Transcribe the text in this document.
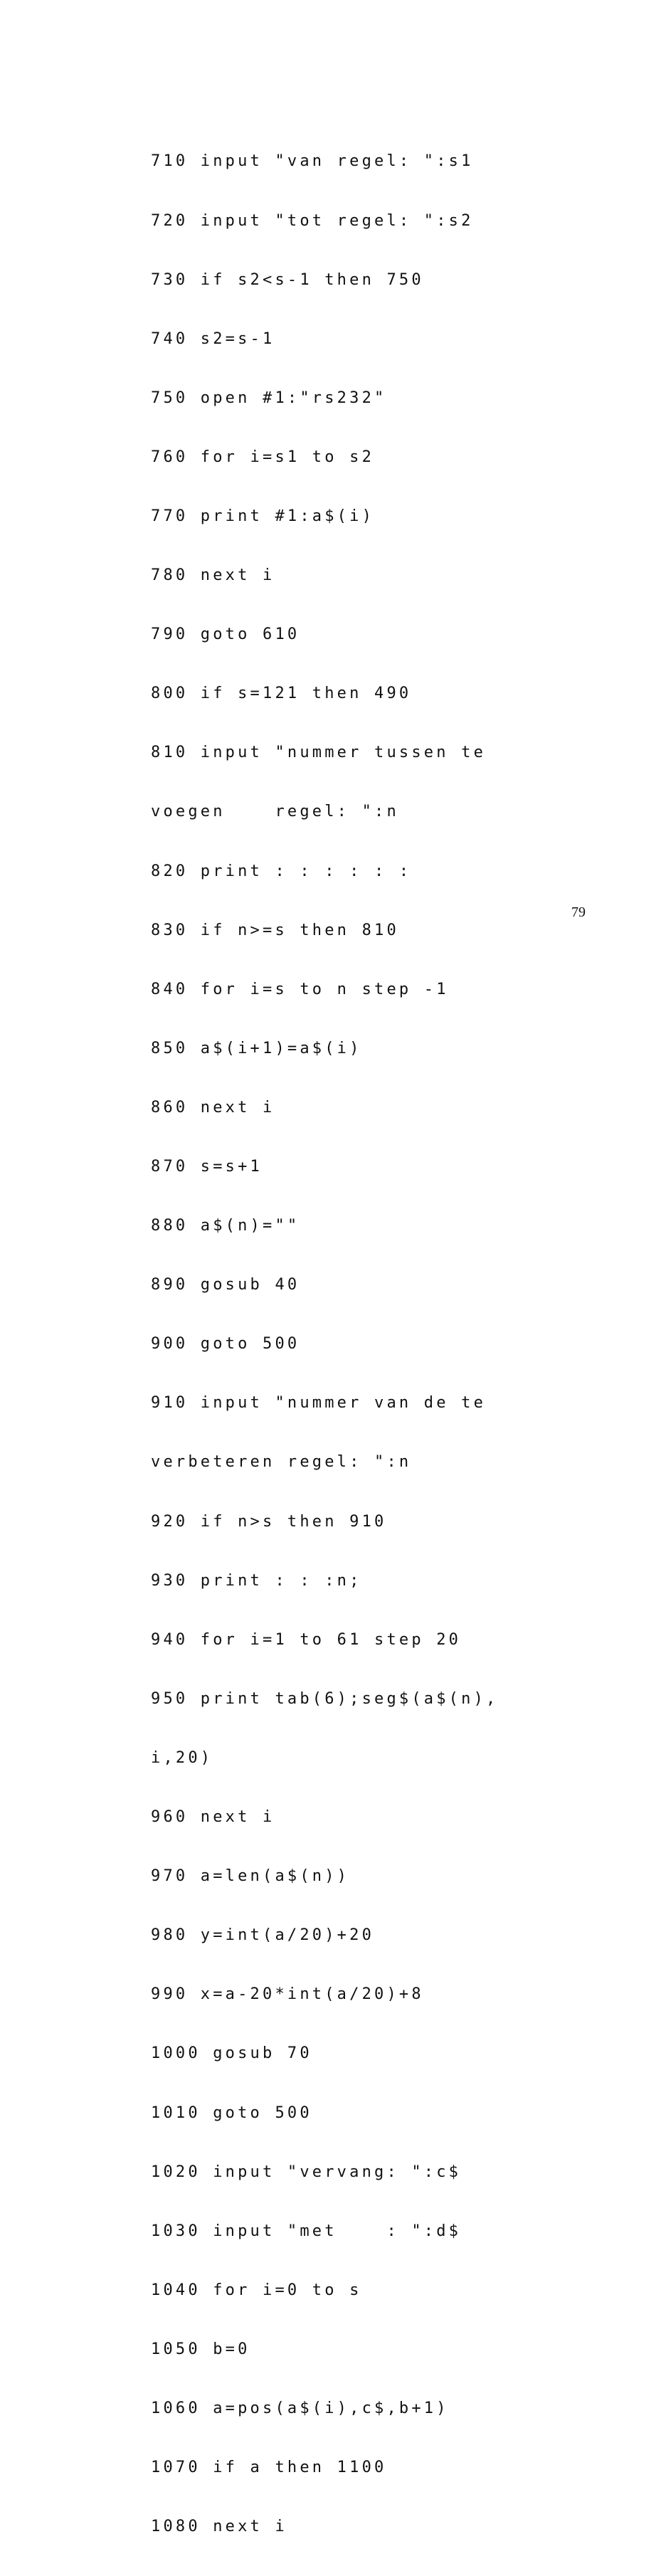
710 input "van regel: ":s1

720 input "tot regel: ":s2

730 if s2<s-1 then 750

740 s2=s-1

750 open #1:"rs232"

760 for i=s1 to s2

770 print #1:a$(i)

780 next i

790 goto 610

800 if s=121 then 490

810 input "nummer tussen te

voegen    regel: ":n

820 print : : : : : :

830 if n>=s then 810

840 for i=s to n step -1

850 a$(i+1)=a$(i)

860 next i

870 s=s+1

880 a$(n)=""

890 gosub 40

900 goto 500

910 input "nummer van de te

verbeteren regel: ":n

920 if n>s then 910

930 print : : :n;

940 for i=1 to 61 step 20

950 print tab(6);seg$(a$(n),

i,20)

960 next i

970 a=len(a$(n))

980 y=int(a/20)+20

990 x=a-20*int(a/20)+8

1000 gosub 70

1010 goto 500

1020 input "vervang: ":c$

1030 input "met    : ":d$

1040 for i=0 to s

1050 b=0

1060 a=pos(a$(i),c$,b+1)

1070 if a then 1100

1080 next i

79
